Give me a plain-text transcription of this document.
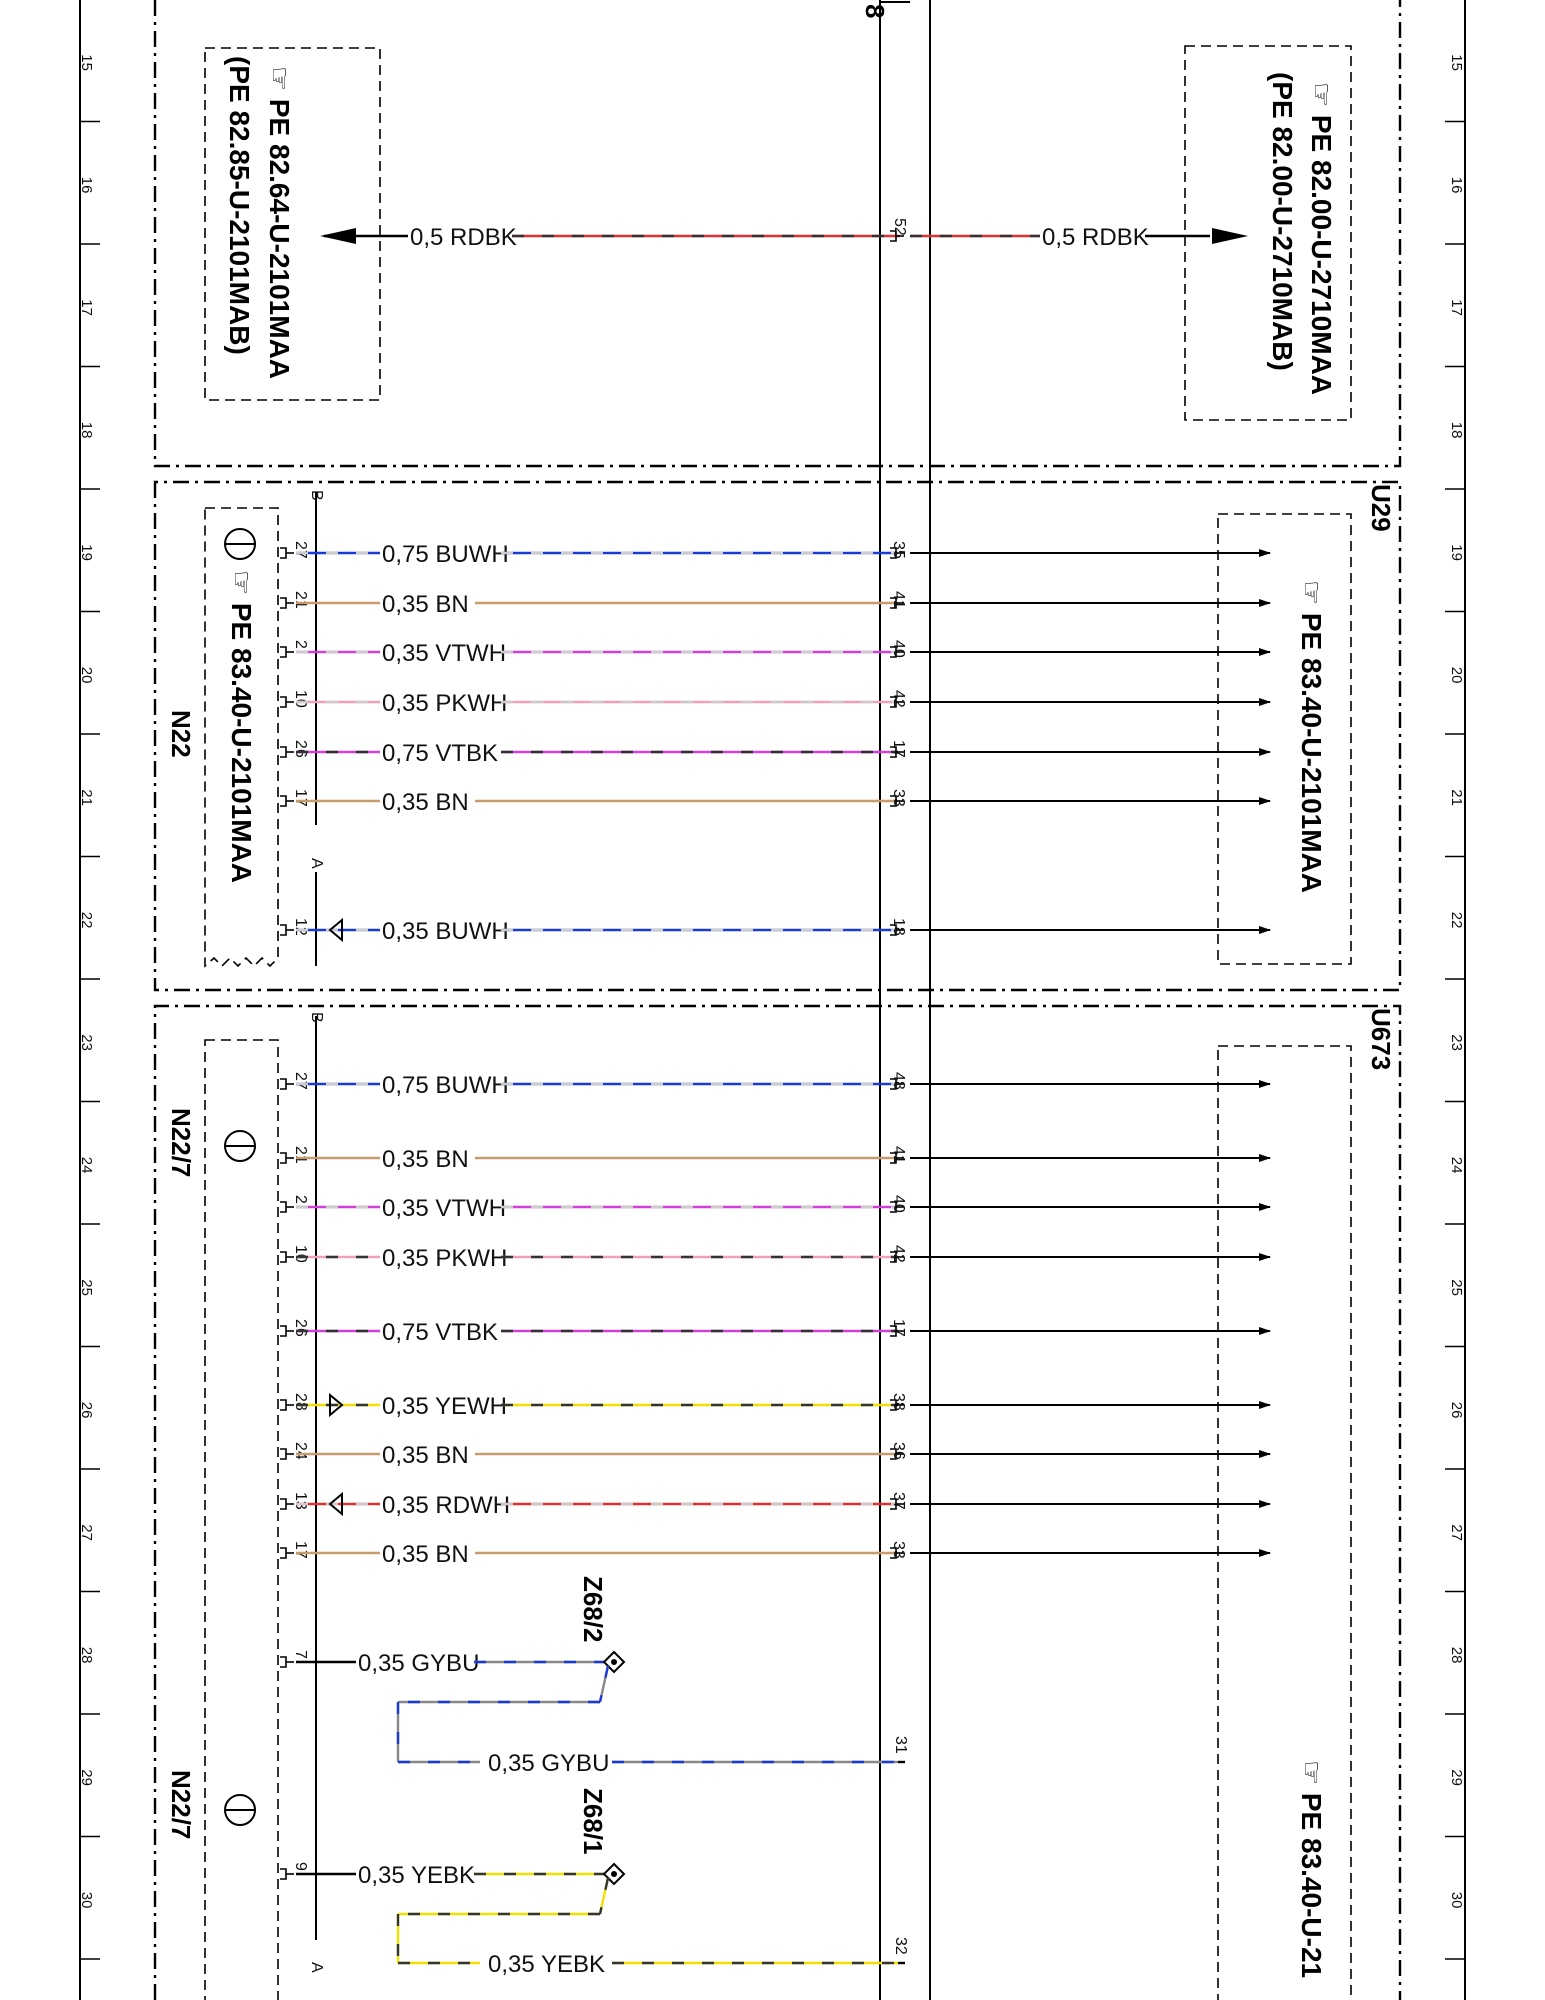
15
16
17
18
19
20
21
22
23
24
25
26
27
28
29
30
15
16
17
18
19
20
21
22
23
24
25
26
27
28
29
30
8
☞ PE 82.64-U-2101MAA
(PE 82.85-U-2101MAB)	☞ PE 82.00-U-2710MAA
(PE 82.00-U-2710MAB)
0,5 RDBK	52	0,5 RDBK
U29
☞ PE 83.40-U-2101MAA
N22	☞ PE 83.40-U-2101MAA
B
A
27	0,75 BUWH	35
21	0,35 BN	41
2	0,35 VTWH	40
10	0,35 PKWH	42
26	0,75 VTBK	17
17	0,35 BN	33
12	0,35 BUWH	18
U673
N22/7
N22/7	☞ PE 83.40-U-21
B
A
27	0,75 BUWH	48
21	0,35 BN	41
2	0,35 VTWH	40
10	0,35 PKWH	42
26	0,75 VTBK	17
28	0,35 YEWH	38
24	0,35 BN	36
13	0,35 RDWH	37
17	0,35 BN	33
7 0,35 GYBU
Z68/2
0,35 GYBU
31
9 0,35 YEBK
Z68/1
0,35 YEBK
32
